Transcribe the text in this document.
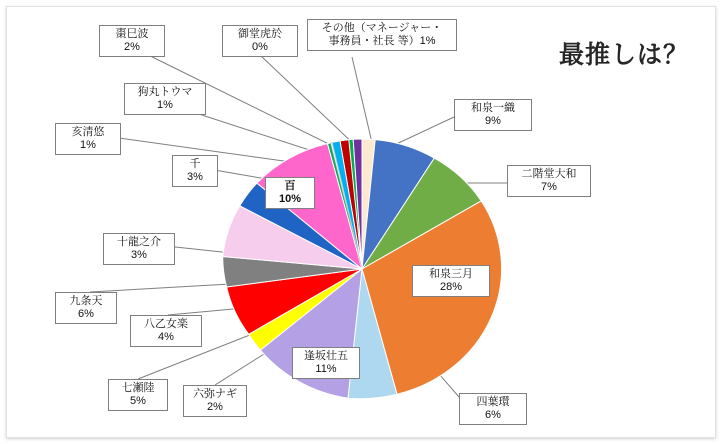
最推しは？
和泉一織
9%
二階堂大和
7%
和泉三月
28%
四葉環
6%
逢坂壮五
11%
六弥ナギ
2%
七瀬陸
5%
八乙女楽
4%
九条天
6%
十龍之介
3%
百
10%
千
3%
亥清悠
1%
狗丸トウマ
1%
棗巳波
2%
御堂虎於
0%
その他（マネージャー・
事務員・社長 等）1%
